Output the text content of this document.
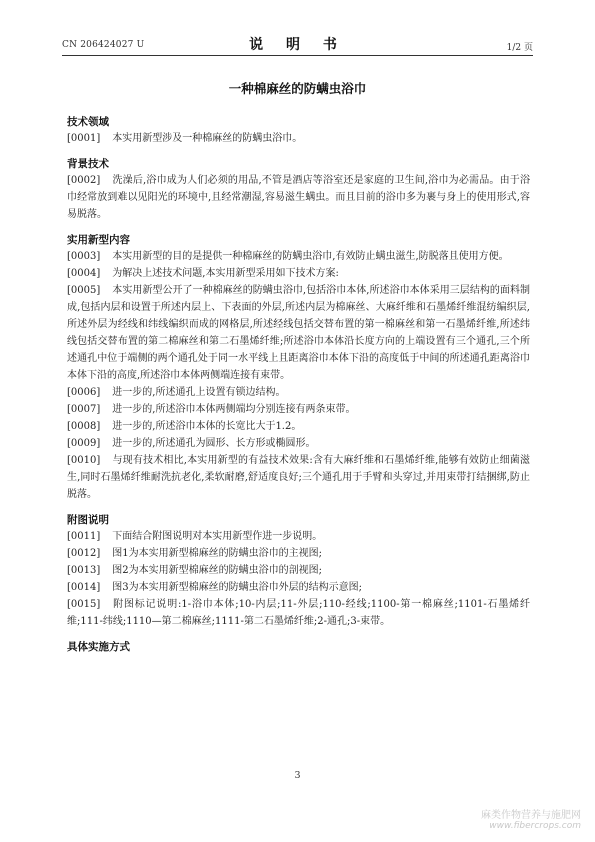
CN 206424027 U	说 明 书	1/2 页
一种棉麻丝的防螨虫浴巾
技术领域
[0001] 本实用新型涉及一种棉麻丝的防螨虫浴巾。
背景技术
[0002] 洗澡后,浴巾成为人们必须的用品,不管是酒店等浴室还是家庭的卫生间,浴巾为必需品。由于浴巾经常放到难以见阳光的环境中,且经常潮湿,容易滋生螨虫。而且目前的浴巾多为裹与身上的使用形式,容易脱落。
实用新型内容
[0003] 本实用新型的目的是提供一种棉麻丝的防螨虫浴巾,有效防止螨虫滋生,防脱落且使用方便。
[0004] 为解决上述技术问题,本实用新型采用如下技术方案:
[0005] 本实用新型公开了一种棉麻丝的防螨虫浴巾,包括浴巾本体,所述浴巾本体采用三层结构的面料制成,包括内层和设置于所述内层上、下表面的外层,所述内层为棉麻丝、大麻纤维和石墨烯纤维混纺编织层,所述外层为经线和纬线编织而成的网格层,所述经线包括交替布置的第一棉麻丝和第一石墨烯纤维,所述纬线包括交替布置的第二棉麻丝和第二石墨烯纤维;所述浴巾本体沿长度方向的上端设置有三个通孔,三个所述通孔中位于端侧的两个通孔处于同一水平线上且距离浴巾本体下沿的高度低于中间的所述通孔距离浴巾本体下沿的高度,所述浴巾本体两侧端连接有束带。
[0006] 进一步的,所述通孔上设置有锁边结构。
[0007] 进一步的,所述浴巾本体两侧端均分别连接有两条束带。
[0008] 进一步的,所述浴巾本体的长宽比大于1.2。
[0009] 进一步的,所述通孔为圆形、长方形或椭圆形。
[0010] 与现有技术相比,本实用新型的有益技术效果:含有大麻纤维和石墨烯纤维,能够有效防止细菌滋生,同时石墨烯纤维耐洗抗老化,柔软耐磨,舒适度良好;三个通孔用于手臂和头穿过,并用束带打结捆绑,防止脱落。
附图说明
[0011] 下面结合附图说明对本实用新型作进一步说明。
[0012] 图1为本实用新型棉麻丝的防螨虫浴巾的主视图;
[0013] 图2为本实用新型棉麻丝的防螨虫浴巾的剖视图;
[0014] 图3为本实用新型棉麻丝的防螨虫浴巾外层的结构示意图;
[0015] 附图标记说明:1-浴巾本体;10-内层;11-外层;110-经线;1100-第一棉麻丝;1101-石墨烯纤维;111-纬线;1110—第二棉麻丝;1111-第二石墨烯纤维;2-通孔;3-束带。
具体实施方式
3
麻类作物营养与施肥网
www.fibercrops.com
